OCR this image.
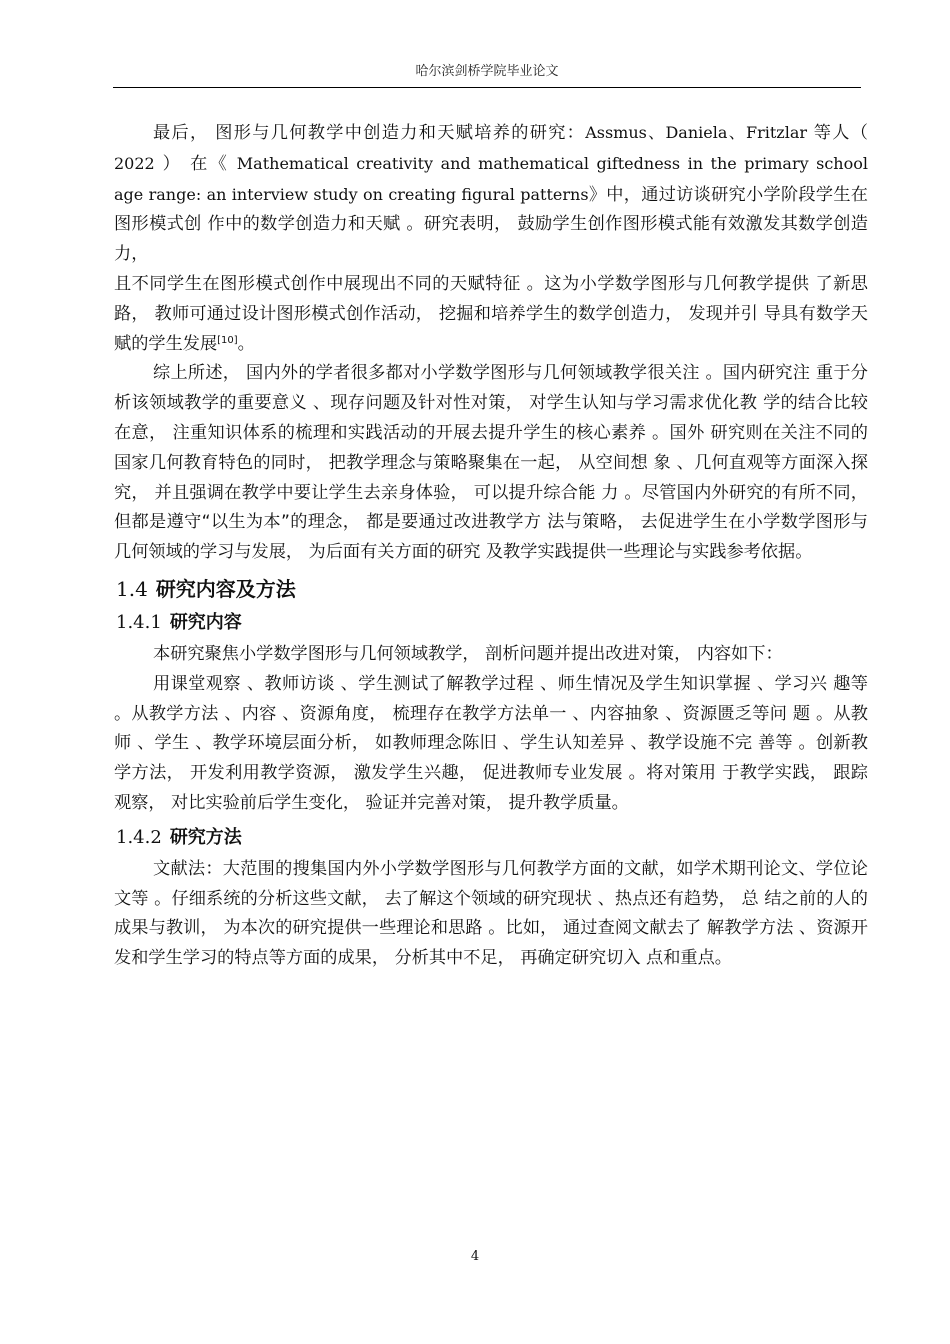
哈尔滨剑桥学院毕业论文

最后， 图形与几何教学中创造力和天赋培养的研究：Assmus、Daniela、Fritzlar 等人（ 2022 ） 在《 Mathematical creativity and mathematical giftedness in the primary school age range: an interview study on creating figural patterns》中，通过访谈研究小学阶段学生在图形模式创 作中的数学创造力和天赋 。研究表明， 鼓励学生创作图形模式能有效激发其数学创造力，

且不同学生在图形模式创作中展现出不同的天赋特征 。这为小学数学图形与几何教学提供 了新思路， 教师可通过设计图形模式创作活动， 挖掘和培养学生的数学创造力， 发现并引 导具有数学天赋的学生发展[10]。

综上所述， 国内外的学者很多都对小学数学图形与几何领域教学很关注 。国内研究注 重于分析该领域教学的重要意义 、现存问题及针对性对策， 对学生认知与学习需求优化教 学的结合比较在意， 注重知识体系的梳理和实践活动的开展去提升学生的核心素养 。国外 研究则在关注不同的国家几何教育特色的同时， 把教学理念与策略聚集在一起， 从空间想 象 、几何直观等方面深入探究， 并且强调在教学中要让学生去亲身体验， 可以提升综合能 力 。尽管国内外研究的有所不同， 但都是遵守“以生为本”的理念， 都是要通过改进教学方 法与策略， 去促进学生在小学数学图形与几何领域的学习与发展， 为后面有关方面的研究 及教学实践提供一些理论与实践参考依据。

1.4 研究内容及方法
1.4.1 研究内容

本研究聚焦小学数学图形与几何领域教学， 剖析问题并提出改进对策， 内容如下：

用课堂观察 、教师访谈 、学生测试了解教学过程 、师生情况及学生知识掌握 、学习兴 趣等 。从教学方法 、内容 、资源角度， 梳理存在教学方法单一 、内容抽象 、资源匮乏等问 题 。从教师 、学生 、教学环境层面分析， 如教师理念陈旧 、学生认知差异 、教学设施不完 善等 。创新教学方法， 开发利用教学资源， 激发学生兴趣， 促进教师专业发展 。将对策用 于教学实践， 跟踪观察， 对比实验前后学生变化， 验证并完善对策， 提升教学质量。

1.4.2 研究方法

文献法：大范围的搜集国内外小学数学图形与几何教学方面的文献，如学术期刊论文、学位论文等 。仔细系统的分析这些文献， 去了解这个领域的研究现状 、热点还有趋势， 总 结之前的人的成果与教训， 为本次的研究提供一些理论和思路 。比如， 通过查阅文献去了 解教学方法 、资源开发和学生学习的特点等方面的成果， 分析其中不足， 再确定研究切入 点和重点。

4
